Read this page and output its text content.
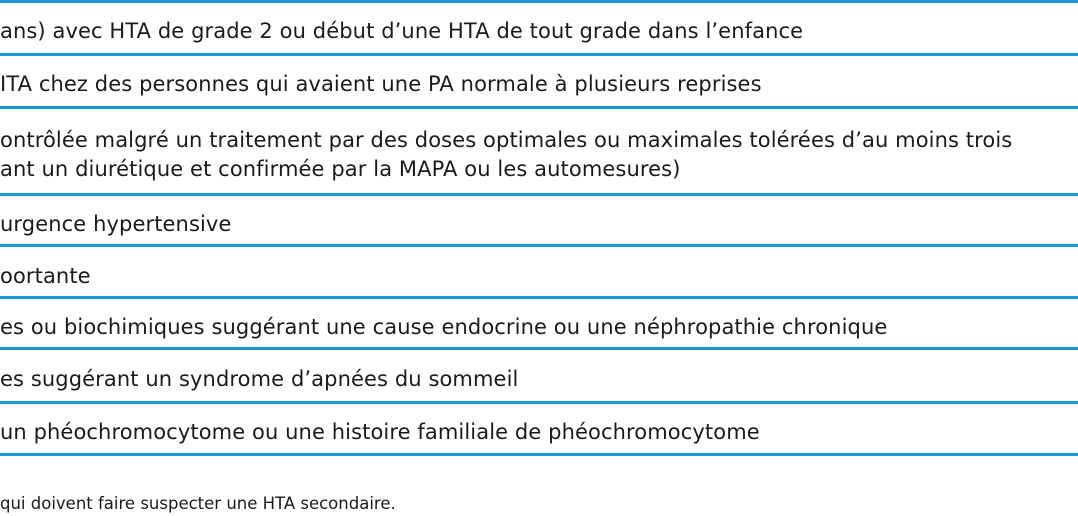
ans) avec HTA de grade 2 ou début d’une HTA de tout grade dans l’enfance
ITA chez des personnes qui avaient une PA normale à plusieurs reprises
ontrôlée malgré un traitement par des doses optimales ou maximales tolérées d’au moins trois
ant un diurétique et confirmée par la MAPA ou les automesures)
urgence hypertensive
oortante
es ou biochimiques suggérant une cause endocrine ou une néphropathie chronique
es suggérant un syndrome d’apnées du sommeil
un phéochromocytome ou une histoire familiale de phéochromocytome
qui doivent faire suspecter une HTA secondaire.
